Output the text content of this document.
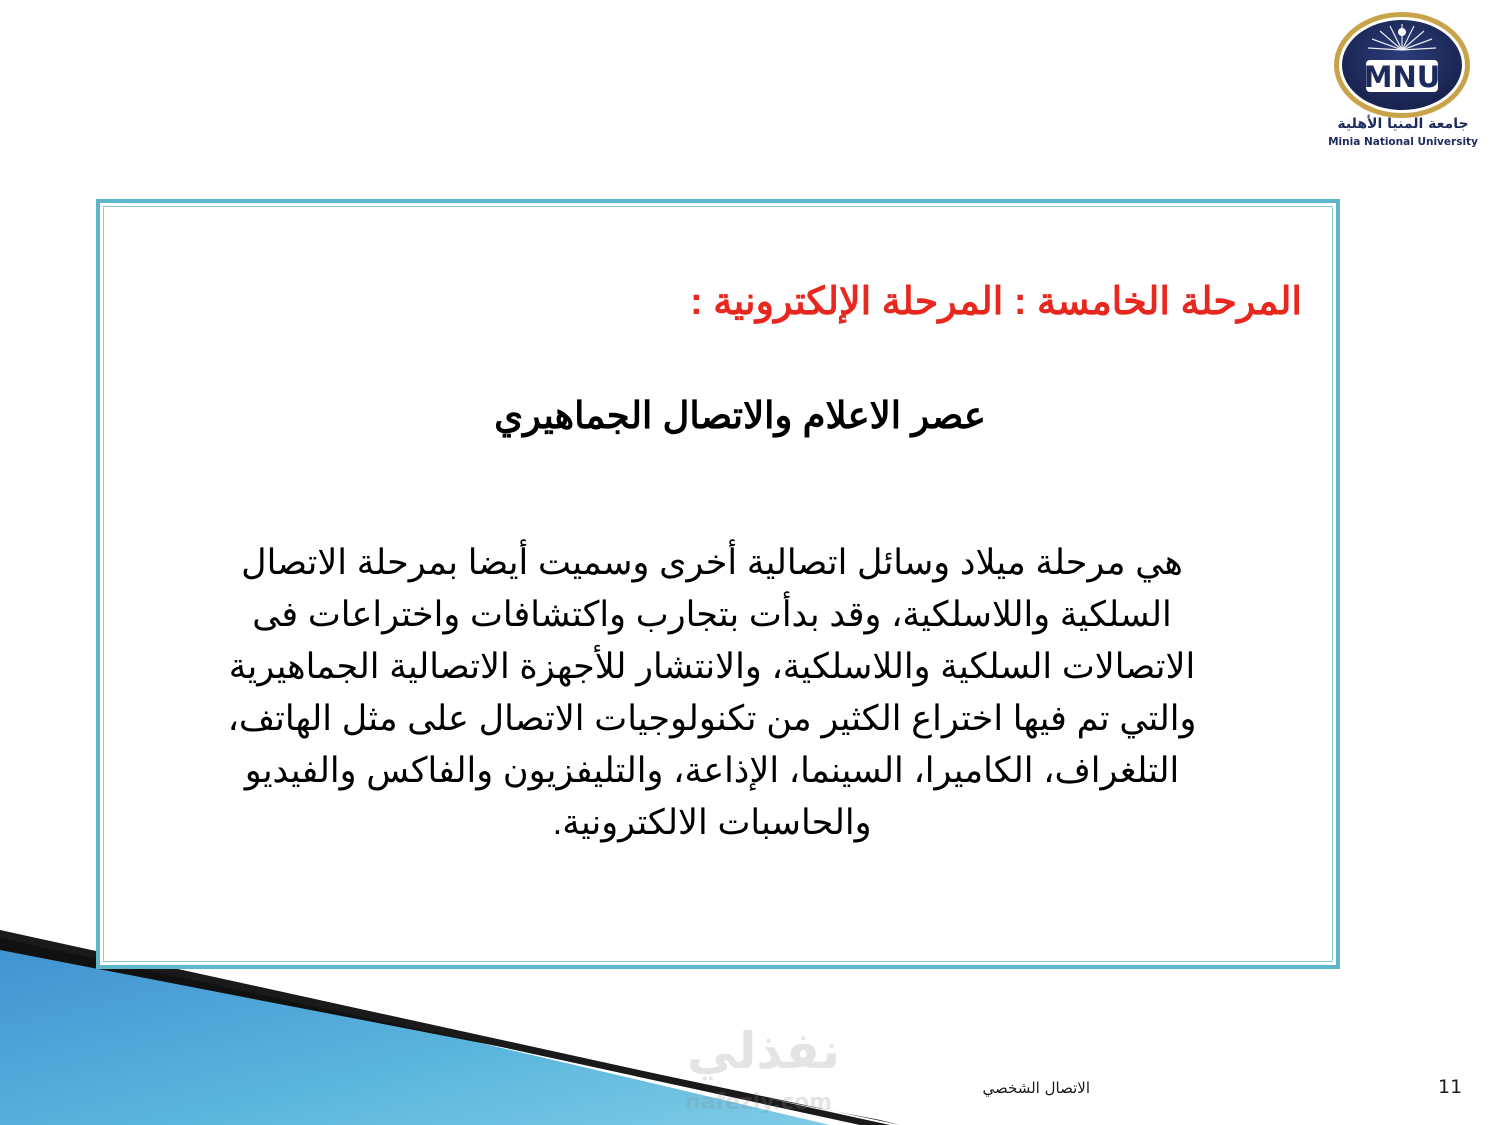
نفذلي
nafezly.com
MNU
جامعة المنيا الأهلية
Minia National University
المرحلة الخامسة : المرحلة الإلكترونية :
عصر الاعلام والاتصال الجماهيري
هي مرحلة ميلاد وسائل اتصالية أخرى وسميت أيضا بمرحلة الاتصال
السلكية واللاسلكية، وقد بدأت بتجارب واكتشافات واختراعات فى
الاتصالات السلكية واللاسلكية، والانتشار للأجهزة الاتصالية الجماهيرية
والتي تم فيها اختراع الكثير من تكنولوجيات الاتصال على مثل الهاتف،
التلغراف، الكاميرا، السينما، الإذاعة، والتليفزيون والفاكس والفيديو
والحاسبات الالكترونية.
الاتصال الشخصي	11
